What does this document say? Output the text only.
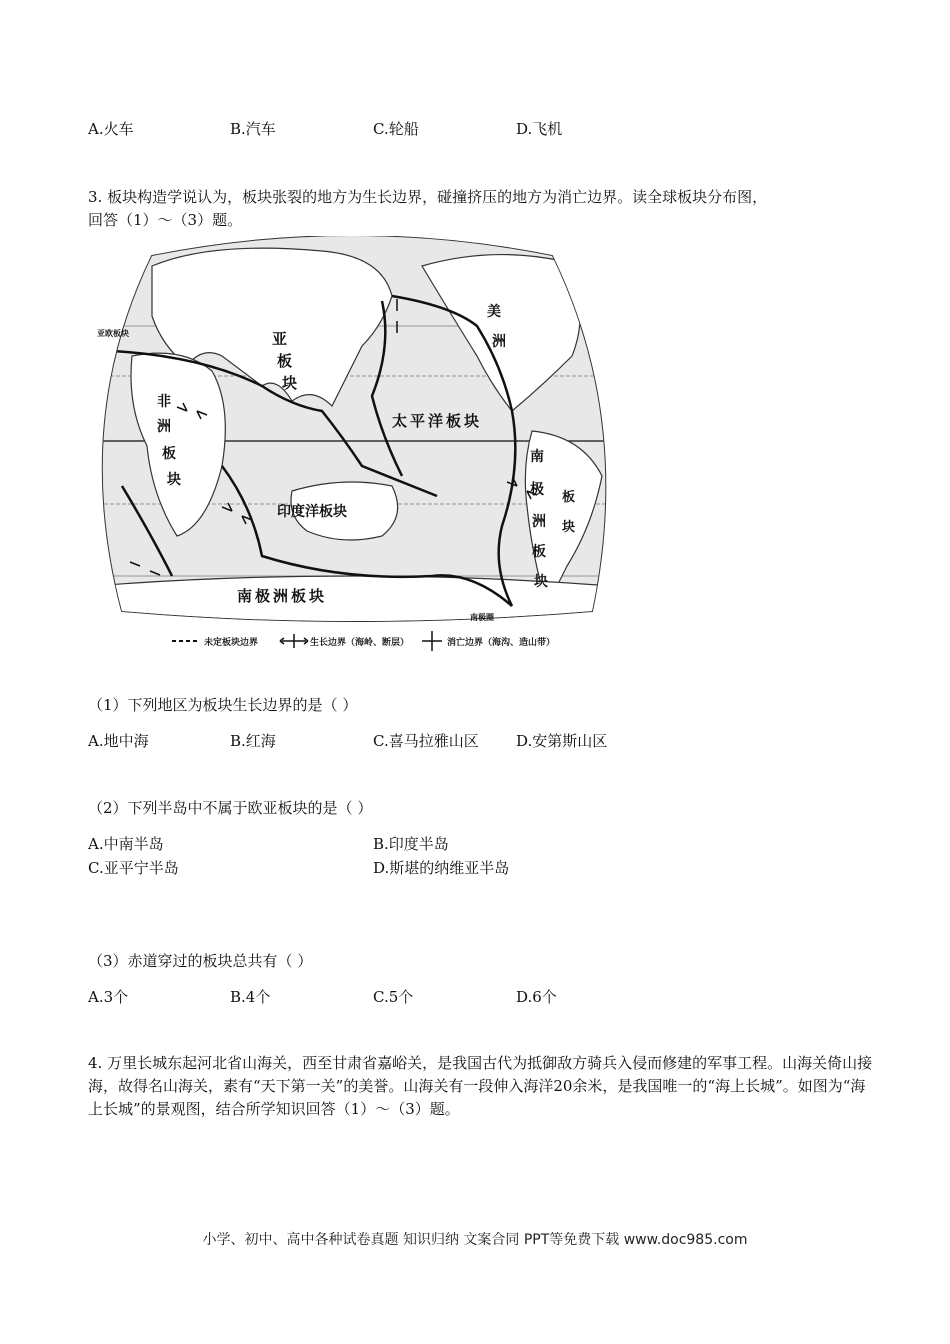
A.火车	B.汽车	C.轮船	D.飞机
3. 板块构造学说认为，板块张裂的地方为生长边界，碰撞挤压的地方为消亡边界。读全球板块分布图，
回答（1）～（3）题。
亚
板
块
非
洲
板
块
太平洋板块
印度洋板块
南极洲板块
美
洲
南
极
洲
板
块
板
块
亚欧板块
南极圈
未定板块边界	生长边界（海岭、断层）	消亡边界（海沟、造山带）
（1）下列地区为板块生长边界的是（ ）
A.地中海	B.红海	C.喜马拉雅山区 D.安第斯山区
（2）下列半岛中不属于欧亚板块的是（ ）
A.中南半岛	B.印度半岛
C.亚平宁半岛	D.斯堪的纳维亚半岛
（3）赤道穿过的板块总共有（ ）
A.3个	B.4个	C.5个	D.6个
4. 万里长城东起河北省山海关，西至甘肃省嘉峪关，是我国古代为抵御敌方骑兵入侵而修建的军事工程。山海关倚山接海，故得名山海关，素有“天下第一关”的美誉。山海关有一段伸入海洋20余米，是我国唯一的“海上长城”。如图为“海上长城”的景观图，结合所学知识回答（1）～（3）题。
小学、初中、高中各种试卷真题 知识归纳 文案合同 PPT等免费下载 www.doc985.com
